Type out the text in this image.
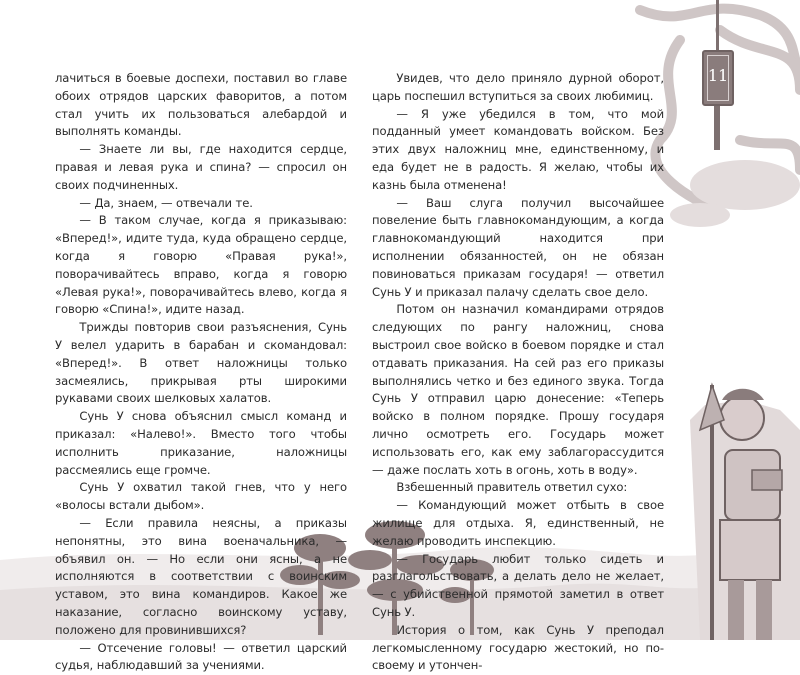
11

лачиться в боевые доспехи, поставил во главе обоих отрядов царских фаворитов, а потом стал учить их пользоваться алебардой и выполнять команды.

— Знаете ли вы, где находится сердце, правая и левая рука и спина? — спросил он своих подчиненных.

— Да, знаем, — отвечали те.

— В таком случае, когда я приказываю: «Вперед!», идите туда, куда обращено сердце, когда я говорю «Правая рука!», поворачивайтесь вправо, когда я говорю «Левая рука!», поворачивайтесь влево, когда я говорю «Спина!», идите назад.

Трижды повторив свои разъяснения, Сунь У велел ударить в барабан и скомандовал: «Вперед!». В ответ наложницы только засмеялись, прикрывая рты широкими рукавами своих шелковых халатов.

Сунь У снова объяснил смысл команд и приказал: «Налево!». Вместо того чтобы исполнить приказание, наложницы рассмеялись еще громче.

Сунь У охватил такой гнев, что у него «волосы встали дыбом».

— Если правила неясны, а приказы непонятны, это вина военачальника, — объявил он. — Но если они ясны, а не исполняются в соответствии с воинским уставом, это вина командиров. Какое же наказание, согласно воинскому уставу, положено для провинившихся?

— Отсечение головы! — ответил царский судья, наблюдавший за учениями.

Увидев, что дело приняло дурной оборот, царь поспешил вступиться за своих любимиц.

— Я уже убедился в том, что мой подданный умеет командовать войском. Без этих двух наложниц мне, единственному, и еда будет не в радость. Я желаю, чтобы их казнь была отменена!

— Ваш слуга получил высочайшее повеление быть главнокомандующим, а когда главнокомандующий находится при исполнении обязанностей, он не обязан повиноваться приказам государя! — ответил Сунь У и приказал палачу сделать свое дело.

Потом он назначил командирами отрядов следующих по рангу наложниц, снова выстроил свое войско в боевом порядке и стал отдавать приказания. На сей раз его приказы выполнялись четко и без единого звука. Тогда Сунь У отправил царю донесение: «Теперь войско в полном порядке. Прошу государя лично осмотреть его. Государь может использовать его, как ему заблагорассудится — даже послать хоть в огонь, хоть в воду».

Взбешенный правитель ответил сухо:

— Командующий может отбыть в свое жилище для отдыха. Я, единственный, не желаю проводить инспекцию.

— Государь любит только сидеть и разглагольствовать, а делать дело не желает, — с убийственной прямотой заметил в ответ Сунь У.

История о том, как Сунь У преподал легкомысленному государю жестокий, но по-своему и утончен-
